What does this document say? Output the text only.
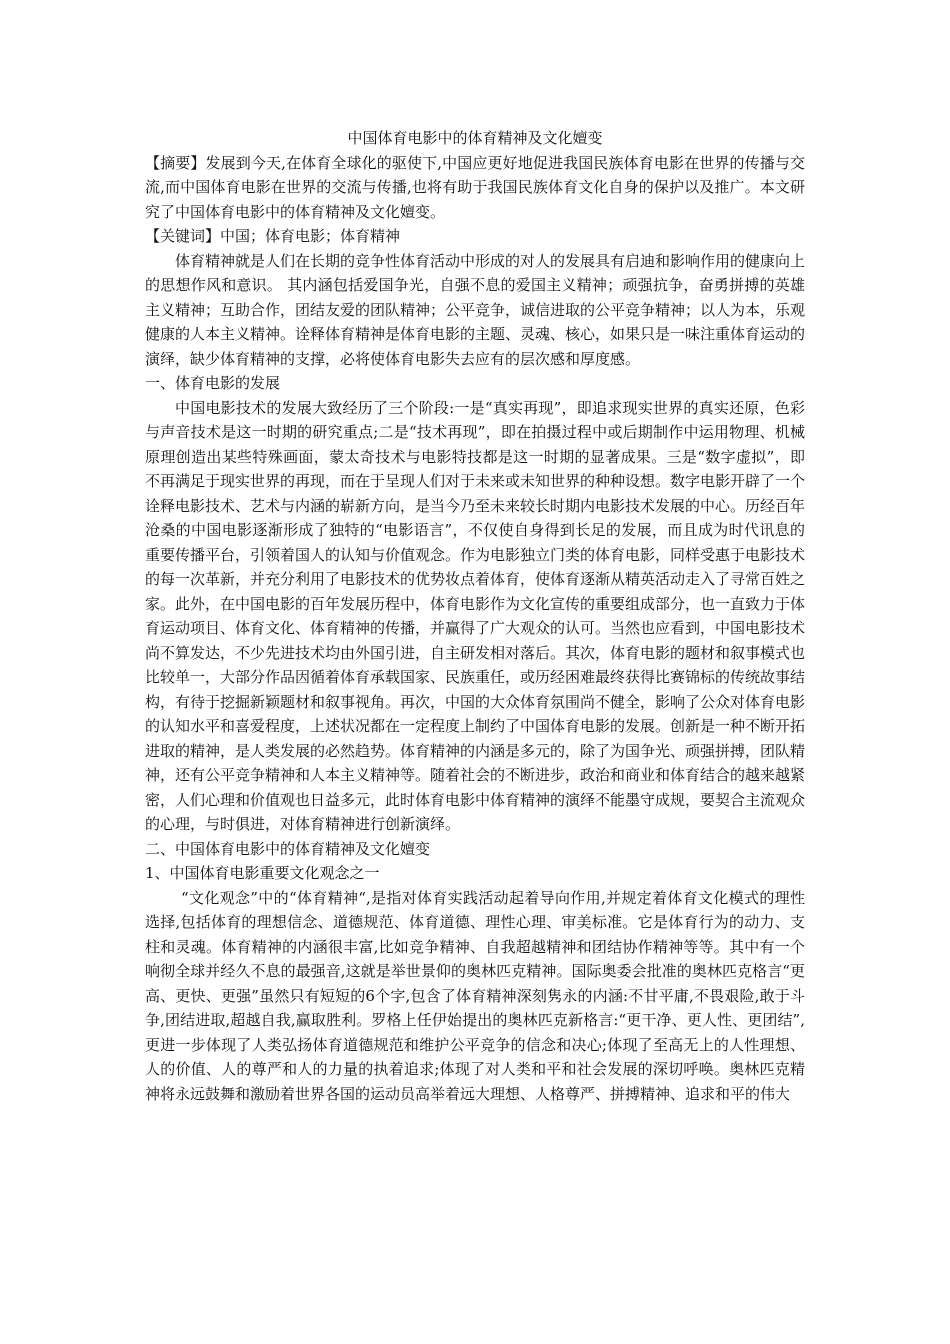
中国体育电影中的体育精神及文化嬗变

【摘要】发展到今天,在体育全球化的驱使下,中国应更好地促进我国民族体育电影在世界的传播与交流,而中国体育电影在世界的交流与传播,也将有助于我国民族体育文化自身的保护以及推广。本文研究了中国体育电影中的体育精神及文化嬗变。

【关键词】中国；体育电影；体育精神

体育精神就是人们在长期的竞争性体育活动中形成的对人的发展具有启迪和影响作用的健康向上的思想作风和意识。 其内涵包括爱国争光，自强不息的爱国主义精神；顽强抗争，奋勇拼搏的英雄主义精神；互助合作，团结友爱的团队精神；公平竞争，诚信进取的公平竞争精神；以人为本，乐观健康的人本主义精神。诠释体育精神是体育电影的主题、灵魂、核心，如果只是一味注重体育运动的演绎，缺少体育精神的支撑，必将使体育电影失去应有的层次感和厚度感。

一、体育电影的发展

中国电影技术的发展大致经历了三个阶段:一是“真实再现”，即追求现实世界的真实还原，色彩与声音技术是这一时期的研究重点;二是“技术再现”，即在拍摄过程中或后期制作中运用物理、机械原理创造出某些特殊画面，蒙太奇技术与电影特技都是这一时期的显著成果。三是“数字虚拟”，即不再满足于现实世界的再现，而在于呈现人们对于未来或未知世界的种种设想。数字电影开辟了一个诠释电影技术、艺术与内涵的崭新方向，是当今乃至未来较长时期内电影技术发展的中心。历经百年沧桑的中国电影逐渐形成了独特的“电影语言”，不仅使自身得到长足的发展，而且成为时代讯息的重要传播平台，引领着国人的认知与价值观念。作为电影独立门类的体育电影，同样受惠于电影技术的每一次革新，并充分利用了电影技术的优势妆点着体育，使体育逐渐从精英活动走入了寻常百姓之家。此外，在中国电影的百年发展历程中，体育电影作为文化宣传的重要组成部分，也一直致力于体育运动项目、体育文化、体育精神的传播，并赢得了广大观众的认可。当然也应看到，中国电影技术尚不算发达，不少先进技术均由外国引进，自主研发相对落后。其次，体育电影的题材和叙事模式也比较单一，大部分作品因循着体育承载国家、民族重任，或历经困难最终获得比赛锦标的传统故事结构，有待于挖掘新颖题材和叙事视角。再次，中国的大众体育氛围尚不健全，影响了公众对体育电影的认知水平和喜爱程度，上述状况都在一定程度上制约了中国体育电影的发展。创新是一种不断开拓进取的精神，是人类发展的必然趋势。体育精神的内涵是多元的，除了为国争光、顽强拼搏，团队精神，还有公平竞争精神和人本主义精神等。随着社会的不断进步，政治和商业和体育结合的越来越紧密，人们心理和价值观也日益多元，此时体育电影中体育精神的演绎不能墨守成规，要契合主流观众的心理，与时俱进，对体育精神进行创新演绎。

二、中国体育电影中的体育精神及文化嬗变

1、中国体育电影重要文化观念之一

“文化观念”中的“体育精神“,是指对体育实践活动起着导向作用,并规定着体育文化模式的理性选择,包括体育的理想信念、道德规范、体育道德、理性心理、审美标准。它是体育行为的动力、支柱和灵魂。体育精神的内涵很丰富,比如竞争精神、自我超越精神和团结协作精神等等。其中有一个响彻全球并经久不息的最强音,这就是举世景仰的奥林匹克精神。国际奥委会批准的奥林匹克格言“更高、更快、更强”虽然只有短短的6个字,包含了体育精神深刻隽永的内涵:不甘平庸,不畏艰险,敢于斗争,团结进取,超越自我,赢取胜利。罗格上任伊始提出的奥林匹克新格言:“更干净、更人性、更团结”,更进一步体现了人类弘扬体育道德规范和维护公平竞争的信念和决心;体现了至高无上的人性理想、人的价值、人的尊严和人的力量的执着追求;体现了对人类和平和社会发展的深切呼唤。奥林匹克精神将永远鼓舞和激励着世界各国的运动员高举着远大理想、人格尊严、拼搏精神、追求和平的伟大
